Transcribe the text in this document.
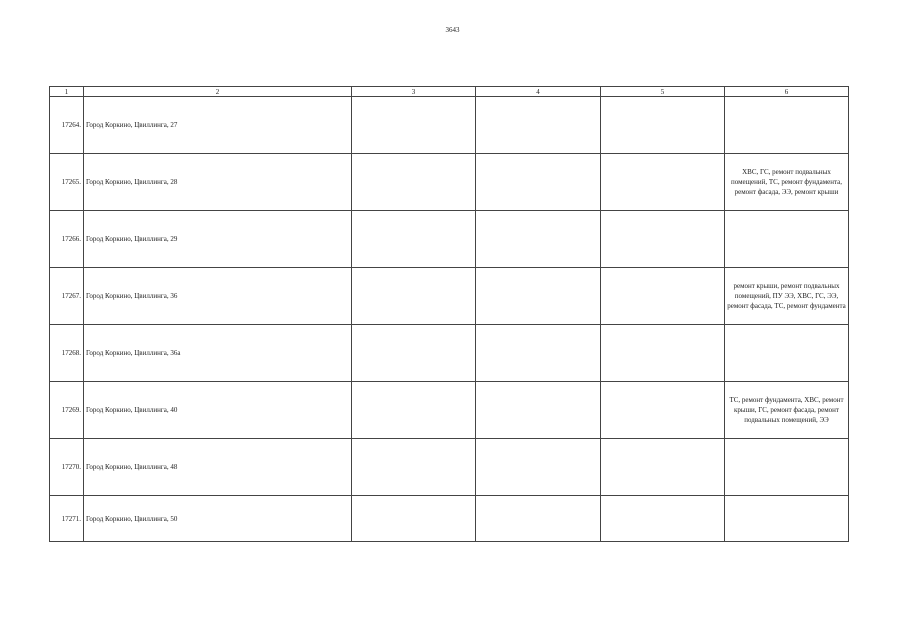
3643
1	2	3	4	5	6
17264.	Город Коркино, Цвиллинга, 27				
17265.	Город Коркино, Цвиллинга, 28				ХВС, ГС, ремонт подвальных помещений, ТС, ремонт фундамента, ремонт фасада, ЭЭ, ремонт крыши
17266.	Город Коркино, Цвиллинга, 29				
17267.	Город Коркино, Цвиллинга, 36				ремонт крыши, ремонт подвальных помещений, ПУ ЭЭ, ХВС, ГС, ЭЭ, ремонт фасада, ТС, ремонт фундамента
17268.	Город Коркино, Цвиллинга, 36а				
17269.	Город Коркино, Цвиллинга, 40				ТС, ремонт фундамента, ХВС, ремонт крыши, ГС, ремонт фасада, ремонт подвальных помещений, ЭЭ
17270.	Город Коркино, Цвиллинга, 48				
17271.	Город Коркино, Цвиллинга, 50				
